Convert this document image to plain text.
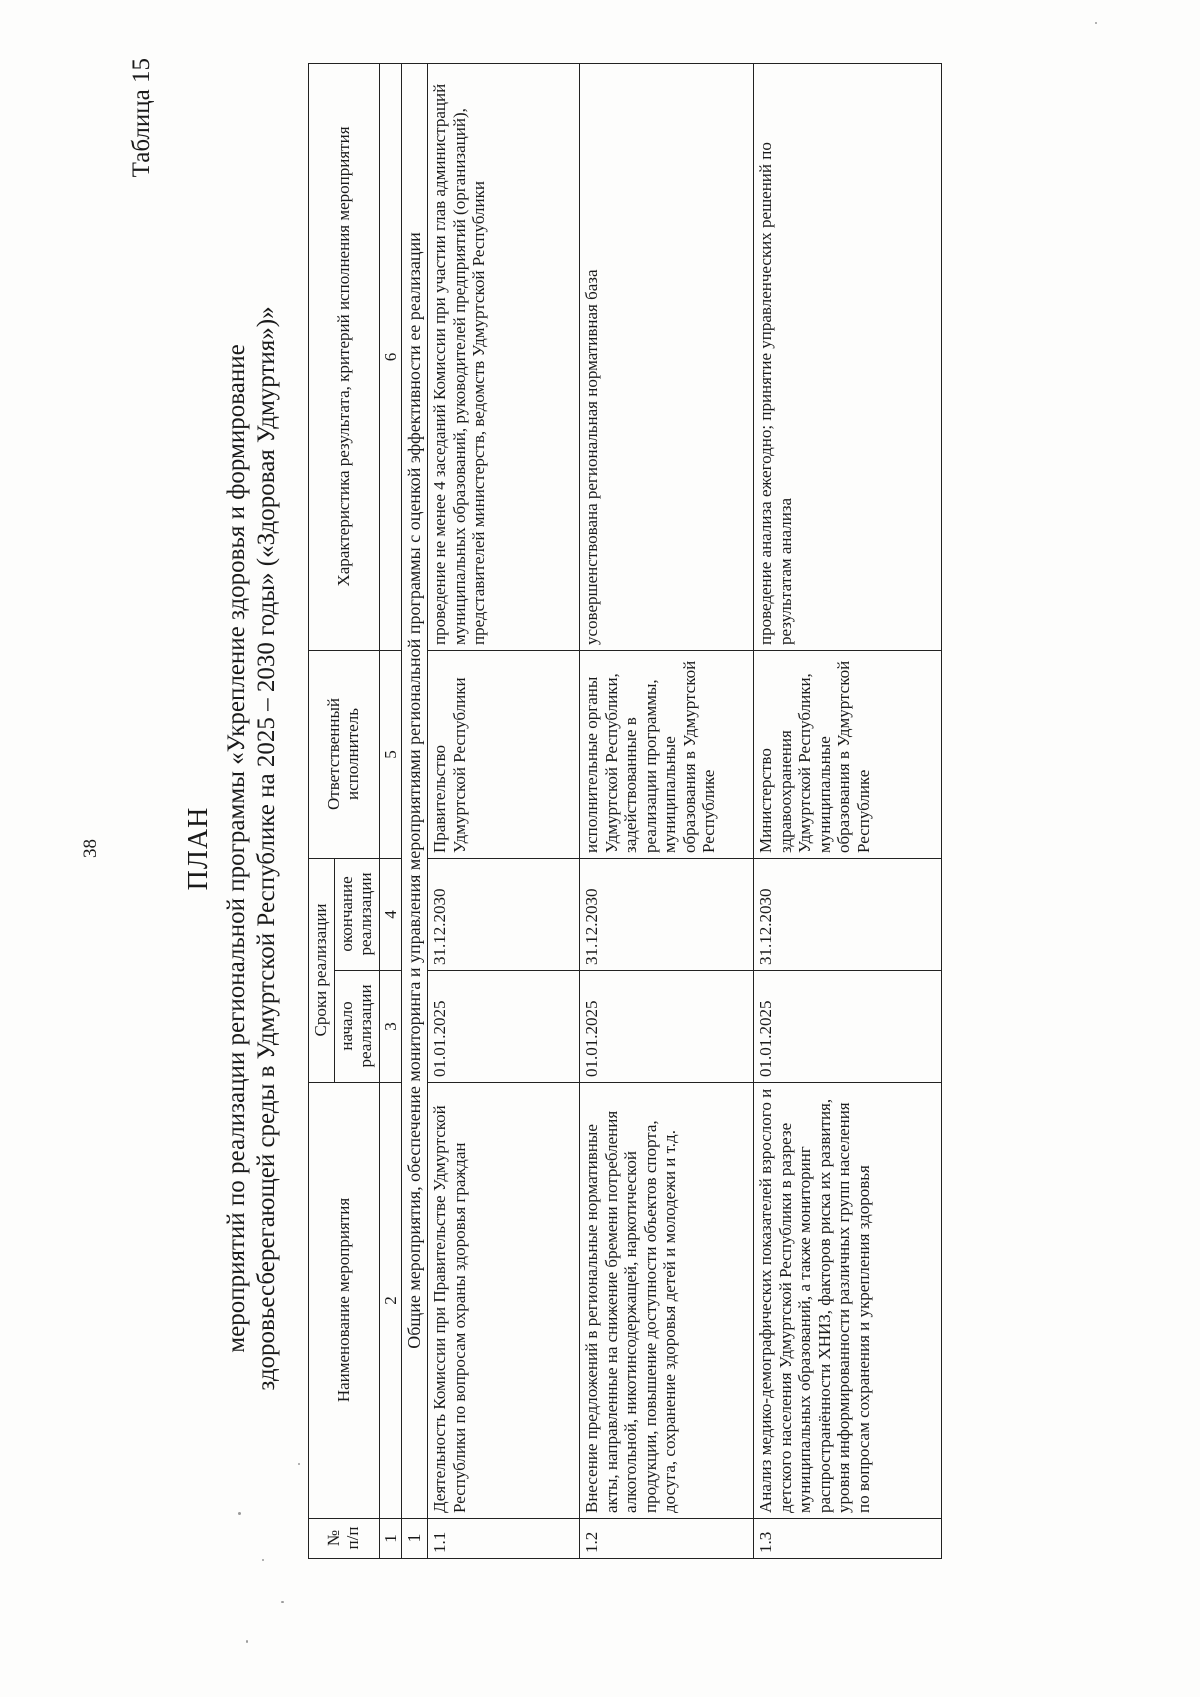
38
Таблица 15
ПЛАН мероприятий по реализации региональной программы «Укрепление здоровья и формирование здоровьесберегающей среды в Удмуртской Республике на 2025 – 2030 годы» («Здоровая Удмуртия»)»
№ п/п	Наименование мероприятия	Сроки реализации		Ответственный исполнитель	Характеристика результата, критерий исполнения мероприятия
		начало реализации	окончание реализации		
1	2	3	4	5	6
1	Общие мероприятия, обеспечение мониторинга и управления мероприятиями региональной программы с оценкой эффективности ее реализации				
1.1	Деятельность Комиссии при Правительстве Удмуртской Республики по вопросам охраны здоровья граждан	01.01.2025	31.12.2030	Правительство Удмуртской Республики	проведение не менее 4 заседаний Комиссии при участии глав администраций муниципальных образований, руководителей предприятий (организаций), представителей министерств, ведомств Удмуртской Республики
1.2	Внесение предложений в региональные нормативные акты, направленные на снижение бремени потребления алкогольной, никотинсодержащей, наркотической продукции, повышение доступности объектов спорта, досуга, сохранение здоровья детей и молодежи и т.д.	01.01.2025	31.12.2030	исполнительные органы Удмуртской Республики, задействованные в реализации программы, муниципальные образования в Удмуртской Республике	усовершенствована региональная нормативная база
1.3	Анализ медико-демографических показателей взрослого и детского населения Удмуртской Республики в разрезе муниципальных образований, а также мониторинг распространённости ХНИЗ, факторов риска их развития, уровня информированности различных групп населения по вопросам сохранения и укрепления здоровья	01.01.2025	31.12.2030	Министерство здравоохранения Удмуртской Республики, муниципальные образования в Удмуртской Республике	проведение анализа ежегодно; принятие управленческих решений по результатам анализа
